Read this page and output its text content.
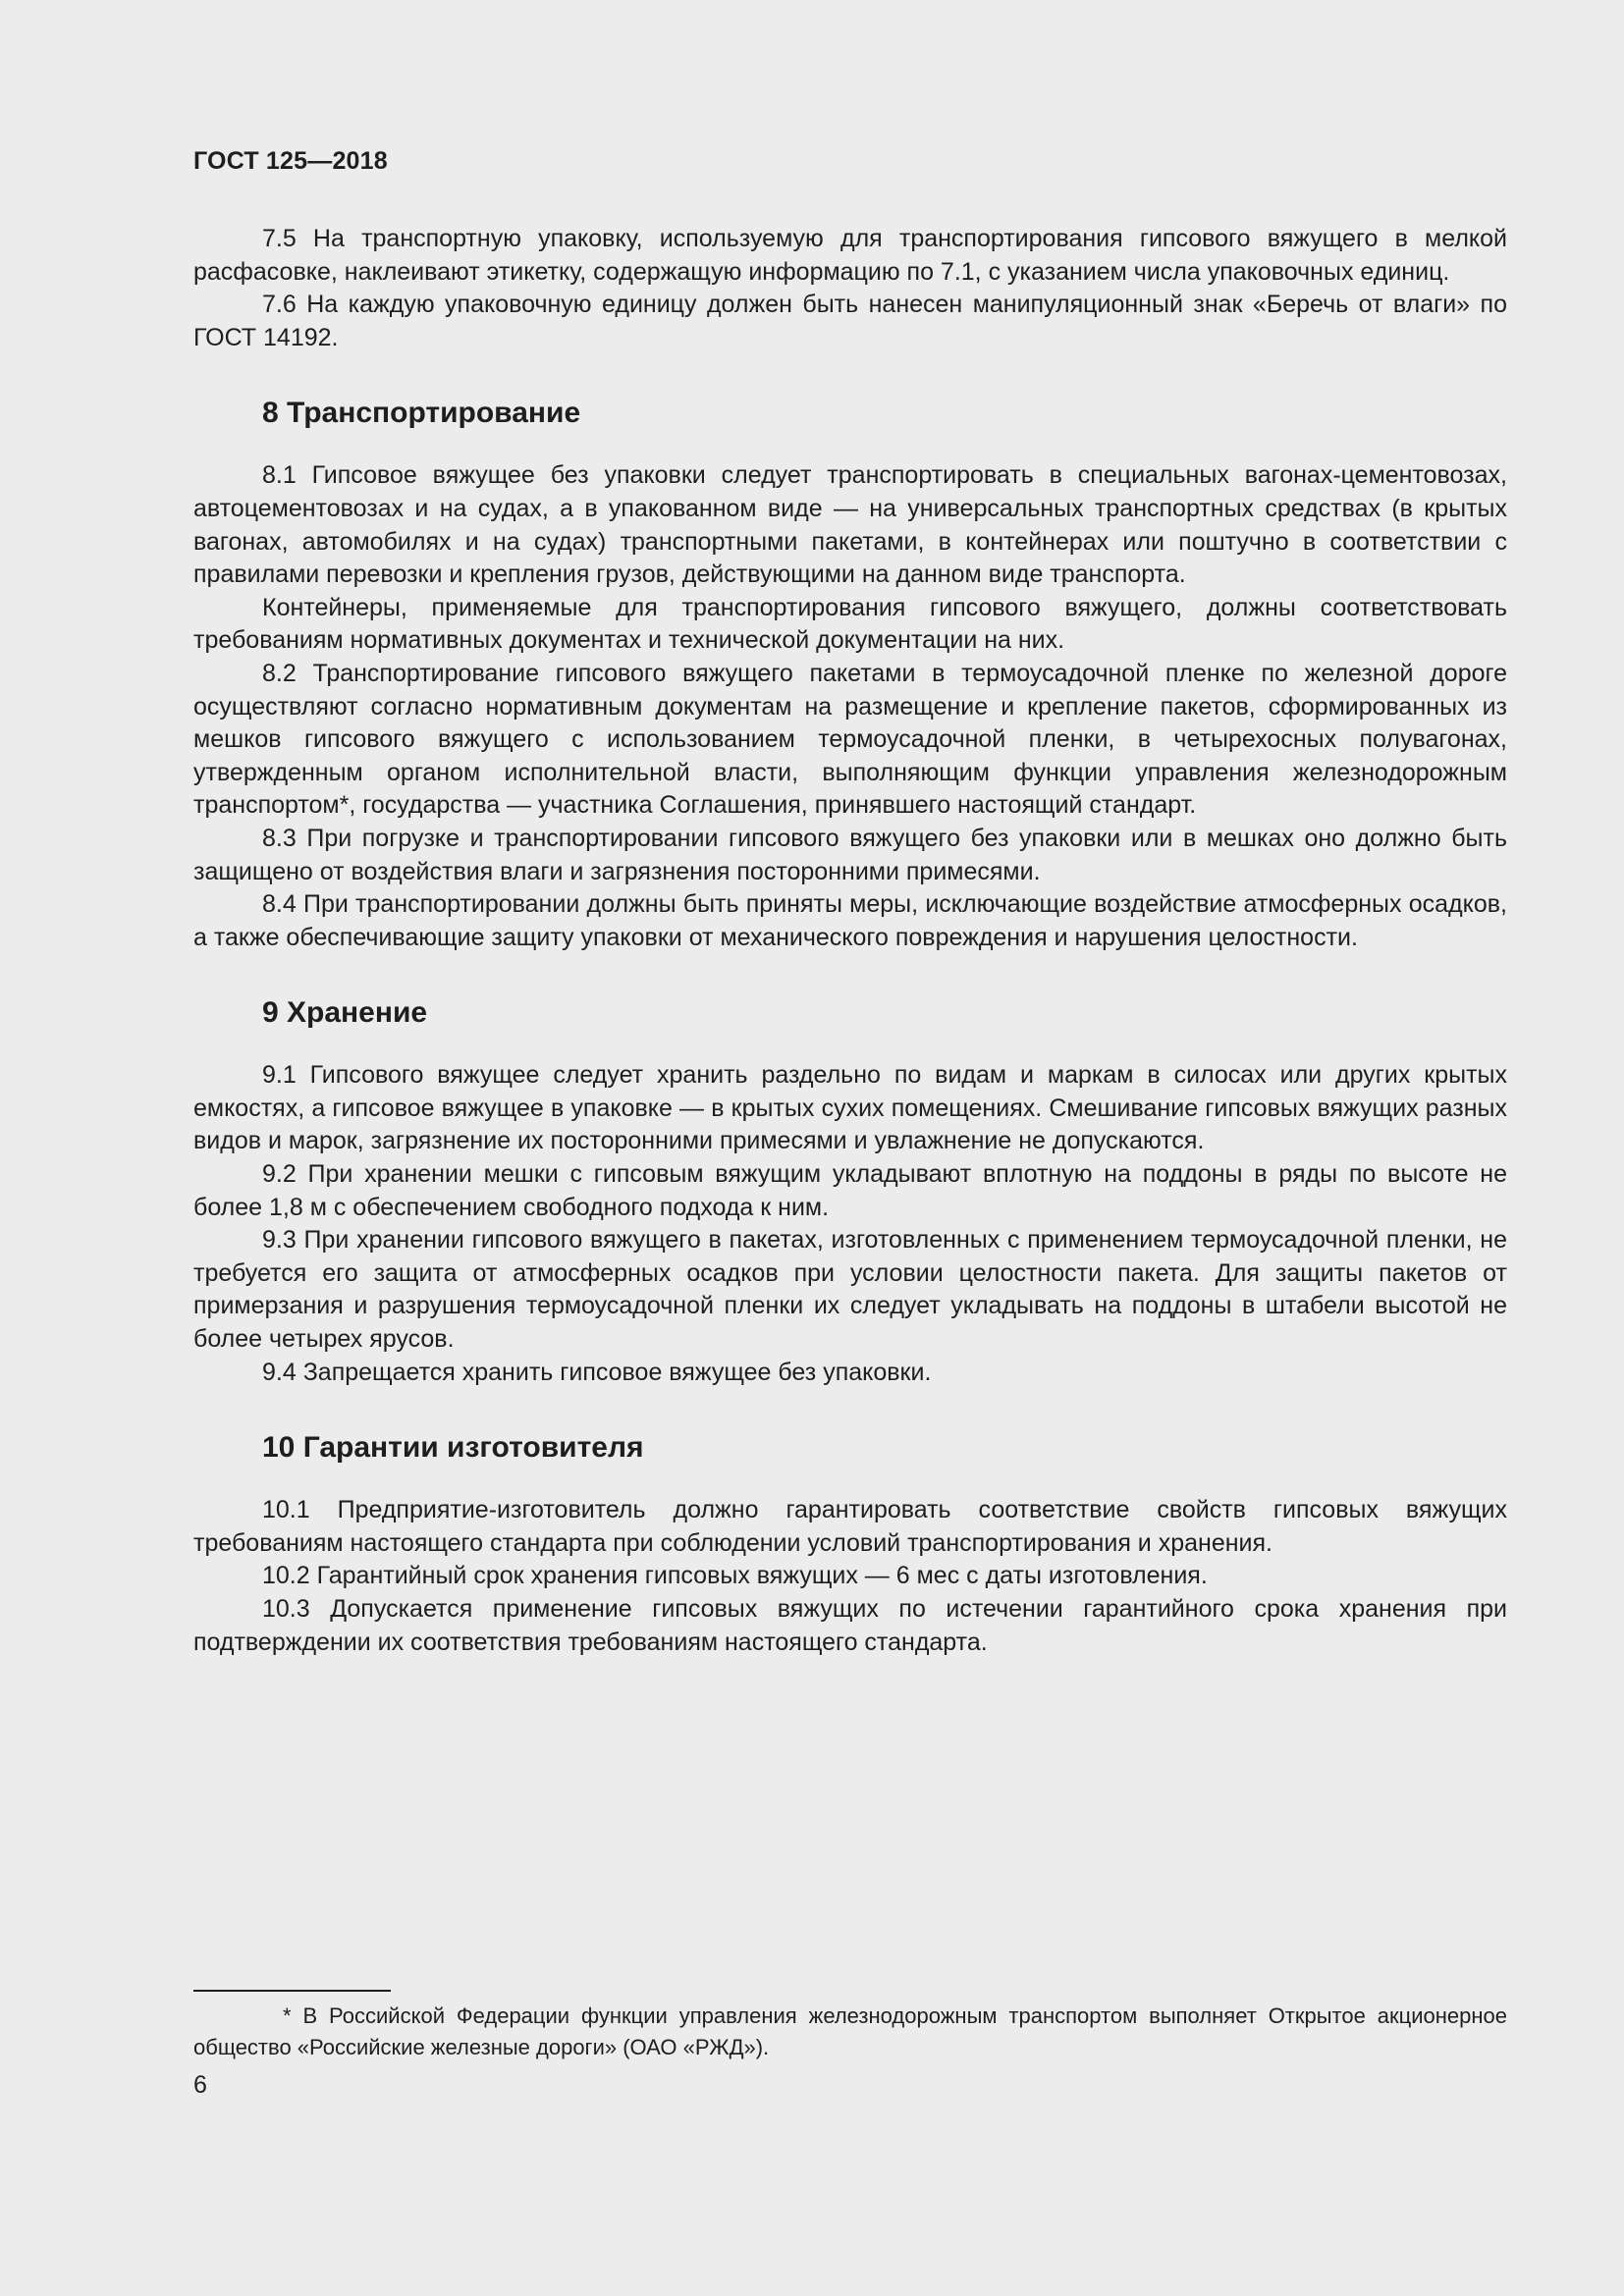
ГОСТ 125—2018

7.5 На транспортную упаковку, используемую для транспортирования гипсового вяжущего в мелкой расфасовке, наклеивают этикетку, содержащую информацию по 7.1, с указанием числа упаковочных единиц.

7.6 На каждую упаковочную единицу должен быть нанесен манипуляционный знак «Беречь от влаги» по ГОСТ 14192.

8 Транспортирование

8.1 Гипсовое вяжущее без упаковки следует транспортировать в специальных вагонах-цементовозах, автоцементовозах и на судах, а в упакованном виде — на универсальных транспортных средствах (в крытых вагонах, автомобилях и на судах) транспортными пакетами, в контейнерах или поштучно в соответствии с правилами перевозки и крепления грузов, действующими на данном виде транспорта.

Контейнеры, применяемые для транспортирования гипсового вяжущего, должны соответствовать требованиям нормативных документах и технической документации на них.

8.2 Транспортирование гипсового вяжущего пакетами в термоусадочной пленке по железной дороге осуществляют согласно нормативным документам на размещение и крепление пакетов, сформированных из мешков гипсового вяжущего с использованием термоусадочной пленки, в четырехосных полувагонах, утвержденным органом исполнительной власти, выполняющим функции управления железнодорожным транспортом*, государства — участника Соглашения, принявшего настоящий стандарт.

8.3 При погрузке и транспортировании гипсового вяжущего без упаковки или в мешках оно должно быть защищено от воздействия влаги и загрязнения посторонними примесями.

8.4 При транспортировании должны быть приняты меры, исключающие воздействие атмосферных осадков, а также обеспечивающие защиту упаковки от механического повреждения и нарушения целостности.

9 Хранение

9.1 Гипсового вяжущее следует хранить раздельно по видам и маркам в силосах или других крытых емкостях, а гипсовое вяжущее в упаковке — в крытых сухих помещениях. Смешивание гипсовых вяжущих разных видов и марок, загрязнение их посторонними примесями и увлажнение не допускаются.

9.2 При хранении мешки с гипсовым вяжущим укладывают вплотную на поддоны в ряды по высоте не более 1,8 м с обеспечением свободного подхода к ним.

9.3 При хранении гипсового вяжущего в пакетах, изготовленных с применением термоусадочной пленки, не требуется его защита от атмосферных осадков при условии целостности пакета. Для защиты пакетов от примерзания и разрушения термоусадочной пленки их следует укладывать на поддоны в штабели высотой не более четырех ярусов.

9.4 Запрещается хранить гипсовое вяжущее без упаковки.

10 Гарантии изготовителя

10.1 Предприятие-изготовитель должно гарантировать соответствие свойств гипсовых вяжущих требованиям настоящего стандарта при соблюдении условий транспортирования и хранения.

10.2 Гарантийный срок хранения гипсовых вяжущих — 6 мес с даты изготовления.

10.3 Допускается применение гипсовых вяжущих по истечении гарантийного срока хранения при подтверждении их соответствия требованиям настоящего стандарта.

* В Российской Федерации функции управления железнодорожным транспортом выполняет Открытое акционерное общество «Российские железные дороги» (ОАО «РЖД»).

6
